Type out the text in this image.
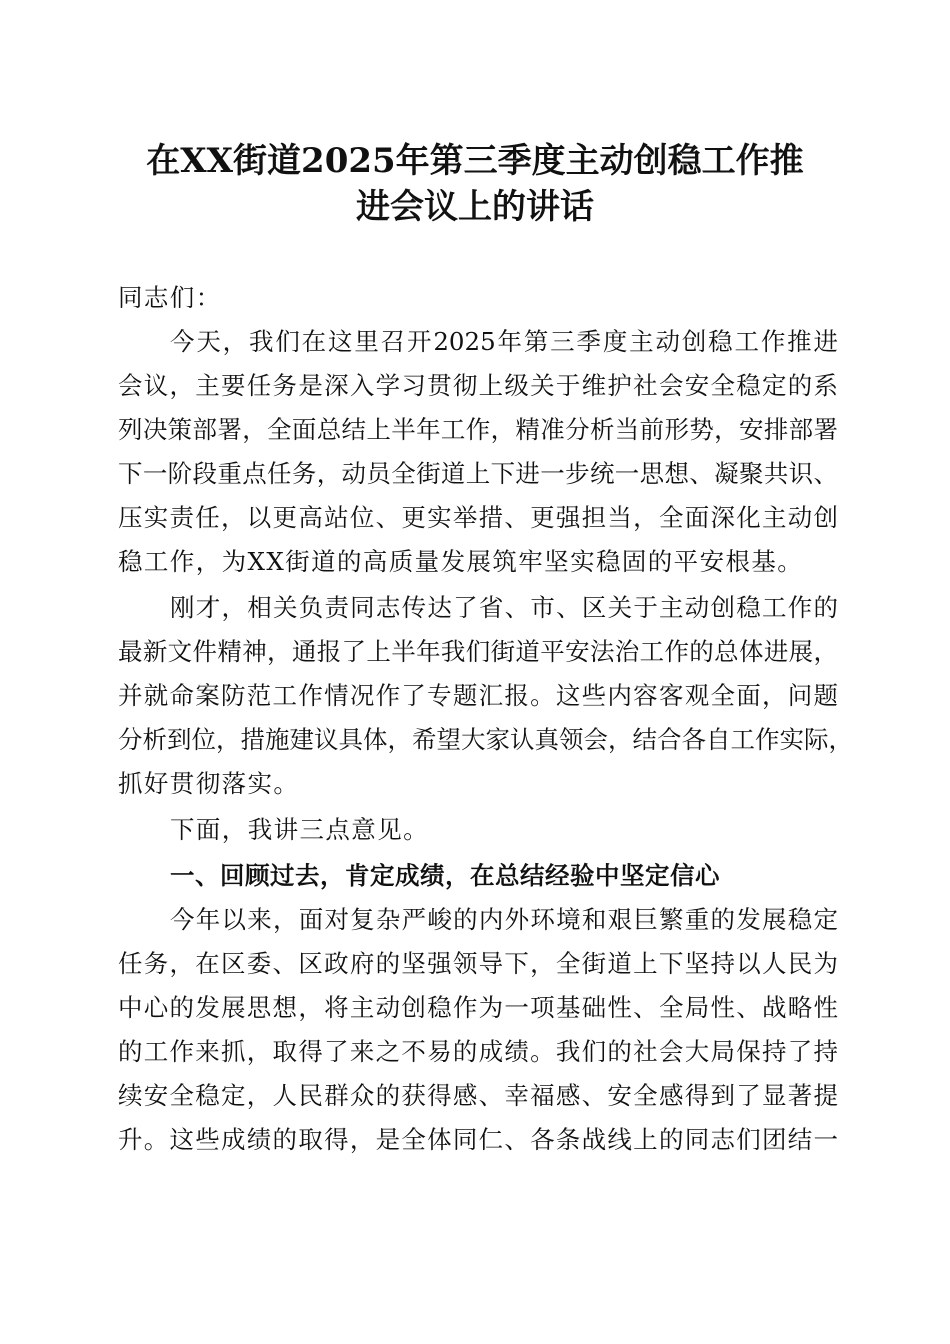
在XX街道2025年第三季度主动创稳工作推
进会议上的讲话
同志们：
今天，我们在这里召开2025年第三季度主动创稳工作推进
会议，主要任务是深入学习贯彻上级关于维护社会安全稳定的系
列决策部署，全面总结上半年工作，精准分析当前形势，安排部署
下一阶段重点任务，动员全街道上下进一步统一思想、凝聚共识、
压实责任，以更高站位、更实举措、更强担当，全面深化主动创
稳工作，为XX街道的高质量发展筑牢坚实稳固的平安根基。
刚才，相关负责同志传达了省、市、区关于主动创稳工作的
最新文件精神，通报了上半年我们街道平安法治工作的总体进展，
并就命案防范工作情况作了专题汇报。这些内容客观全面，问题
分析到位，措施建议具体，希望大家认真领会，结合各自工作实际，
抓好贯彻落实。
下面，我讲三点意见。
一、回顾过去，肯定成绩，在总结经验中坚定信心
今年以来，面对复杂严峻的内外环境和艰巨繁重的发展稳定
任务，在区委、区政府的坚强领导下，全街道上下坚持以人民为
中心的发展思想，将主动创稳作为一项基础性、全局性、战略性
的工作来抓，取得了来之不易的成绩。我们的社会大局保持了持
续安全稳定，人民群众的获得感、幸福感、安全感得到了显著提
升。这些成绩的取得，是全体同仁、各条战线上的同志们团结一
